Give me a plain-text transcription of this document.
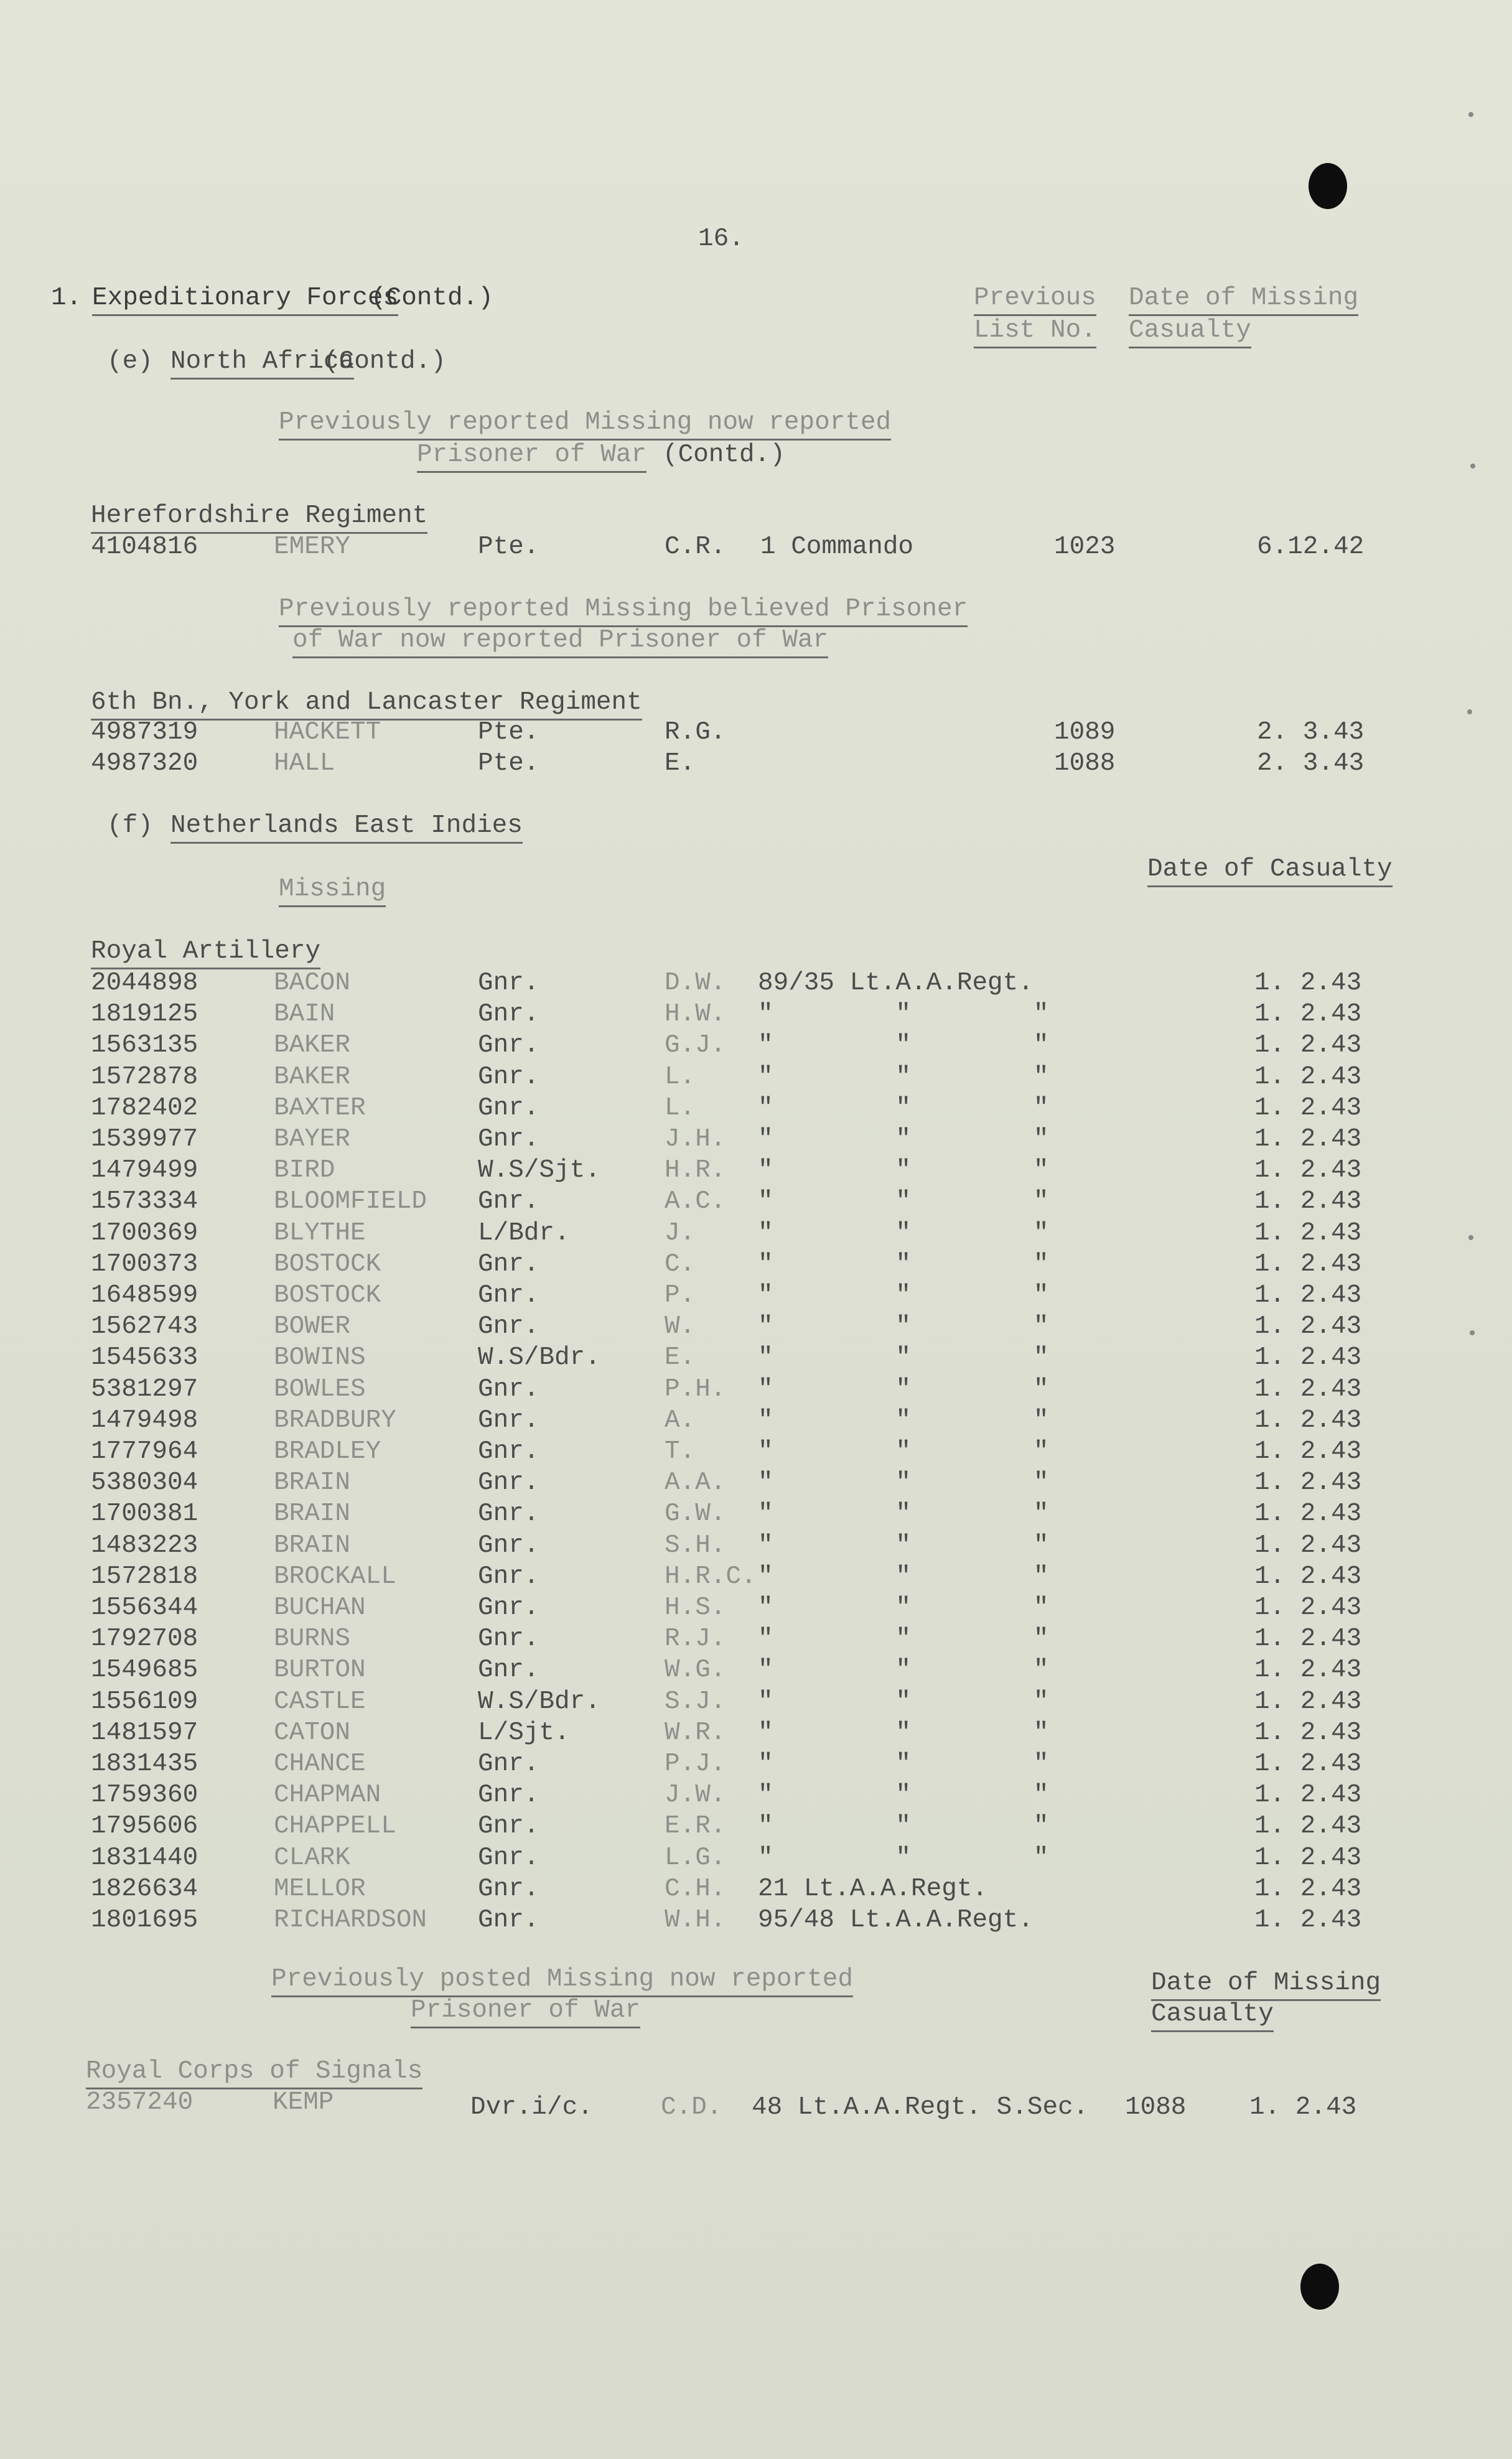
16.
1. Expeditionary Forces
(Contd.)	Previous
List No.
Date of Missing
Casualty
(e) North Africa
(Contd.)
Previously reported Missing now reported
Prisoner of War (Contd.)
Herefordshire Regiment
4104816	EMERY	Pte.	C.R. 1 Commando	1023	6.12.42
Previously reported Missing believed Prisoner
of War now reported Prisoner of War
6th Bn., York and Lancaster Regiment
4987319	HACKETT	Pte.	R.G.	1089	2. 3.43
4987320	HALL	Pte.	E.	1088	2. 3.43
(f) Netherlands East Indies
Date of Casualty
Missing
Royal Artillery
2044898	BACON	Gnr.	D.W. 89/35 Lt.A.A.Regt.	1. 2.43
1819125	BAIN	Gnr.	H.W. "        "        "	1. 2.43
1563135	BAKER	Gnr.	G.J. "        "        "	1. 2.43
1572878	BAKER	Gnr.	L. "        "        "	1. 2.43
1782402	BAXTER	Gnr.	L. "        "        "	1. 2.43
1539977	BAYER	Gnr.	J.H. "        "        "	1. 2.43
1479499	BIRD	W.S/Sjt.	H.R. "        "        "	1. 2.43
1573334	BLOOMFIELD Gnr.	A.C. "        "        "	1. 2.43
1700369	BLYTHE	L/Bdr.	J. "        "        "	1. 2.43
1700373	BOSTOCK	Gnr.	C. "        "        "	1. 2.43
1648599	BOSTOCK	Gnr.	P. "        "        "	1. 2.43
1562743	BOWER	Gnr.	W. "        "        "	1. 2.43
1545633	BOWINS	W.S/Bdr.	E. "        "        "	1. 2.43
5381297	BOWLES	Gnr.	P.H. "        "        "	1. 2.43
1479498	BRADBURY	Gnr.	A. "        "        "	1. 2.43
1777964	BRADLEY	Gnr.	T. "        "        "	1. 2.43
5380304	BRAIN	Gnr.	A.A. "        "        "	1. 2.43
1700381	BRAIN	Gnr.	G.W. "        "        "	1. 2.43
1483223	BRAIN	Gnr.	S.H. "        "        "	1. 2.43
1572818	BROCKALL	Gnr.	H.R.C. "        "        "	1. 2.43
1556344	BUCHAN	Gnr.	H.S. "        "        "	1. 2.43
1792708	BURNS	Gnr.	R.J. "        "        "	1. 2.43
1549685	BURTON	Gnr.	W.G. "        "        "	1. 2.43
1556109	CASTLE	W.S/Bdr.	S.J. "        "        "	1. 2.43
1481597	CATON	L/Sjt.	W.R. "        "        "	1. 2.43
1831435	CHANCE	Gnr.	P.J. "        "        "	1. 2.43
1759360	CHAPMAN	Gnr.	J.W. "        "        "	1. 2.43
1795606	CHAPPELL	Gnr.	E.R. "        "        "	1. 2.43
1831440	CLARK	Gnr.	L.G. "        "        "	1. 2.43
1826634	MELLOR	Gnr.	C.H. 21 Lt.A.A.Regt.	1. 2.43
1801695	RICHARDSON Gnr.	W.H. 95/48 Lt.A.A.Regt.	1. 2.43
Previously posted Missing now reported
Prisoner of War
Date of Missing
Casualty
Royal Corps of Signals
2357240	KEMP	Dvr.i/c.	C.D. 48 Lt.A.A.Regt. S.Sec. 1088 1. 2.43
